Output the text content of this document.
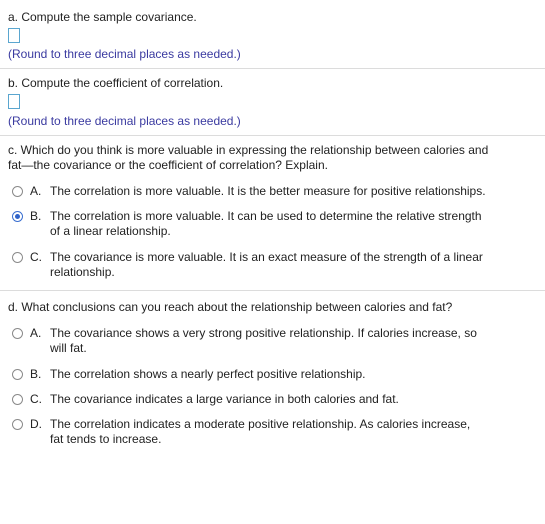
a. Compute the sample covariance.
(Round to three decimal places as needed.)
b. Compute the coefficient of correlation.
(Round to three decimal places as needed.)
c. Which do you think is more valuable in expressing the relationship between calories and
fat—the covariance or the coefficient of correlation? Explain.
A. The correlation is more valuable. It is the better measure for positive relationships.
B. The correlation is more valuable. It can be used to determine the relative strength
of a linear relationship.
C. The covariance is more valuable. It is an exact measure of the strength of a linear
relationship.
d. What conclusions can you reach about the relationship between calories and fat?
A. The covariance shows a very strong positive relationship. If calories increase, so
will fat.
B. The correlation shows a nearly perfect positive relationship.
C. The covariance indicates a large variance in both calories and fat.
D. The correlation indicates a moderate positive relationship. As calories increase,
fat tends to increase.
